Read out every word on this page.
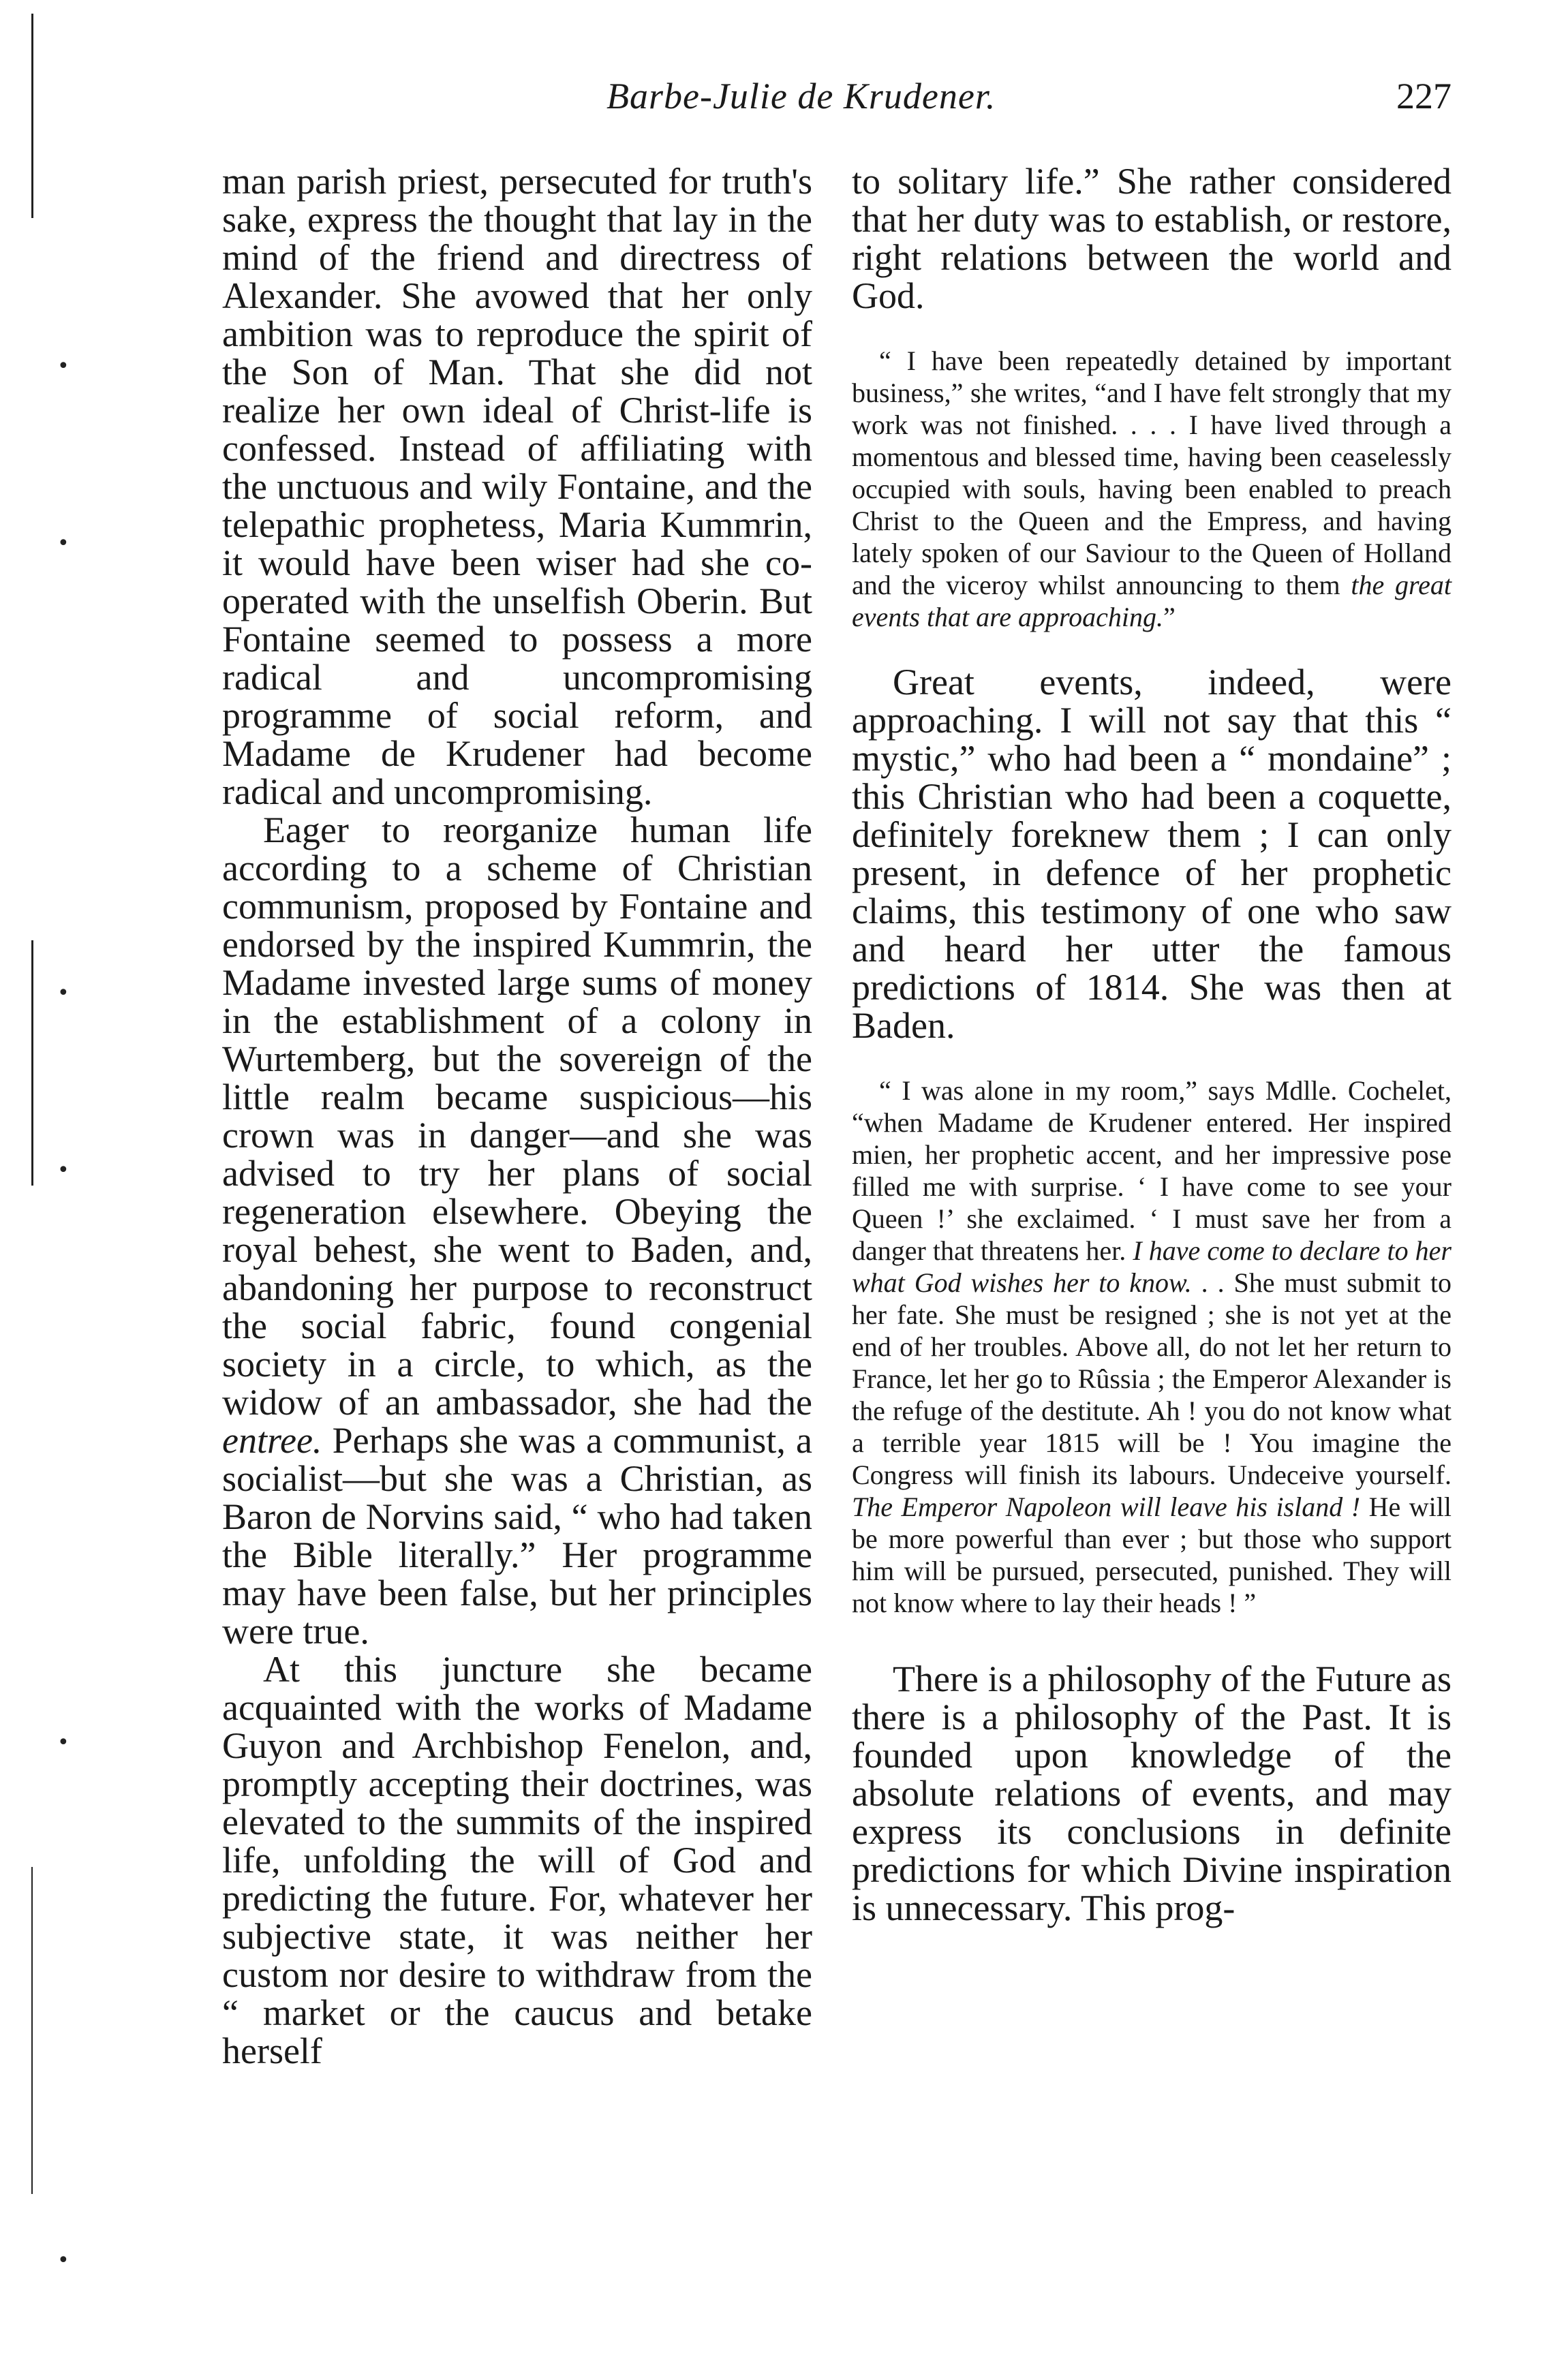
•
•
•
•
•
•
Barbe-Julie de Krudener.	227

man parish priest, persecuted for truth's sake, express the thought that lay in the mind of the friend and directress of Alexander. She avowed that her only ambition was to reproduce the spirit of the Son of Man. That she did not realize her own ideal of Christ-life is confessed. Instead of affiliating with the unctuous and wily Fontaine, and the telepathic prophetess, Maria Kummrin, it would have been wiser had she co-operated with the unselfish Oberin. But Fontaine seemed to possess a more radical and uncompromising programme of social reform, and Madame de Krudener had become radical and uncompromising.

Eager to reorganize human life according to a scheme of Christian communism, proposed by Fontaine and endorsed by the inspired Kummrin, the Madame invested large sums of money in the establishment of a colony in Wurtemberg, but the sovereign of the little realm became suspicious—his crown was in danger—and she was advised to try her plans of social regeneration elsewhere. Obeying the royal behest, she went to Baden, and, abandoning her purpose to reconstruct the social fabric, found congenial society in a circle, to which, as the widow of an ambassador, she had the entree. Perhaps she was a communist, a socialist—but she was a Christian, as Baron de Norvins said, “ who had taken the Bible literally.” Her programme may have been false, but her principles were true.

At this juncture she became acquainted with the works of Madame Guyon and Archbishop Fenelon, and, promptly accepting their doctrines, was elevated to the summits of the inspired life, unfolding the will of God and predicting the future. For, whatever her subjective state, it was neither her custom nor desire to withdraw from the “ market or the caucus and betake herself

to solitary life.” She rather considered that her duty was to establish, or restore, right relations between the world and God.

“ I have been repeatedly detained by important business,” she writes, “and I have felt strongly that my work was not finished. . . . I have lived through a momentous and blessed time, having been ceaselessly occupied with souls, having been enabled to preach Christ to the Queen and the Empress, and having lately spoken of our Saviour to the Queen of Holland and the viceroy whilst announcing to them the great events that are approaching.”

Great events, indeed, were approaching. I will not say that this “ mystic,” who had been a “ mondaine” ; this Christian who had been a coquette, definitely foreknew them ; I can only present, in defence of her prophetic claims, this testimony of one who saw and heard her utter the famous predictions of 1814. She was then at Baden.

“ I was alone in my room,” says Mdlle. Cochelet, “when Madame de Krudener entered. Her inspired mien, her prophetic accent, and her impressive pose filled me with surprise. ‘ I have come to see your Queen !’ she exclaimed. ‘ I must save her from a danger that threatens her. I have come to declare to her what God wishes her to know. . . She must submit to her fate. She must be resigned ; she is not yet at the end of her troubles. Above all, do not let her return to France, let her go to Rûssia ; the Emperor Alexander is the refuge of the destitute. Ah ! you do not know what a terrible year 1815 will be ! You imagine the Congress will finish its labours. Undeceive yourself. The Emperor Napoleon will leave his island ! He will be more powerful than ever ; but those who support him will be pursued, persecuted, punished. They will not know where to lay their heads ! ”

There is a philosophy of the Future as there is a philosophy of the Past. It is founded upon knowledge of the absolute relations of events, and may express its conclusions in definite predictions for which Divine inspiration is unnecessary. This prog-
